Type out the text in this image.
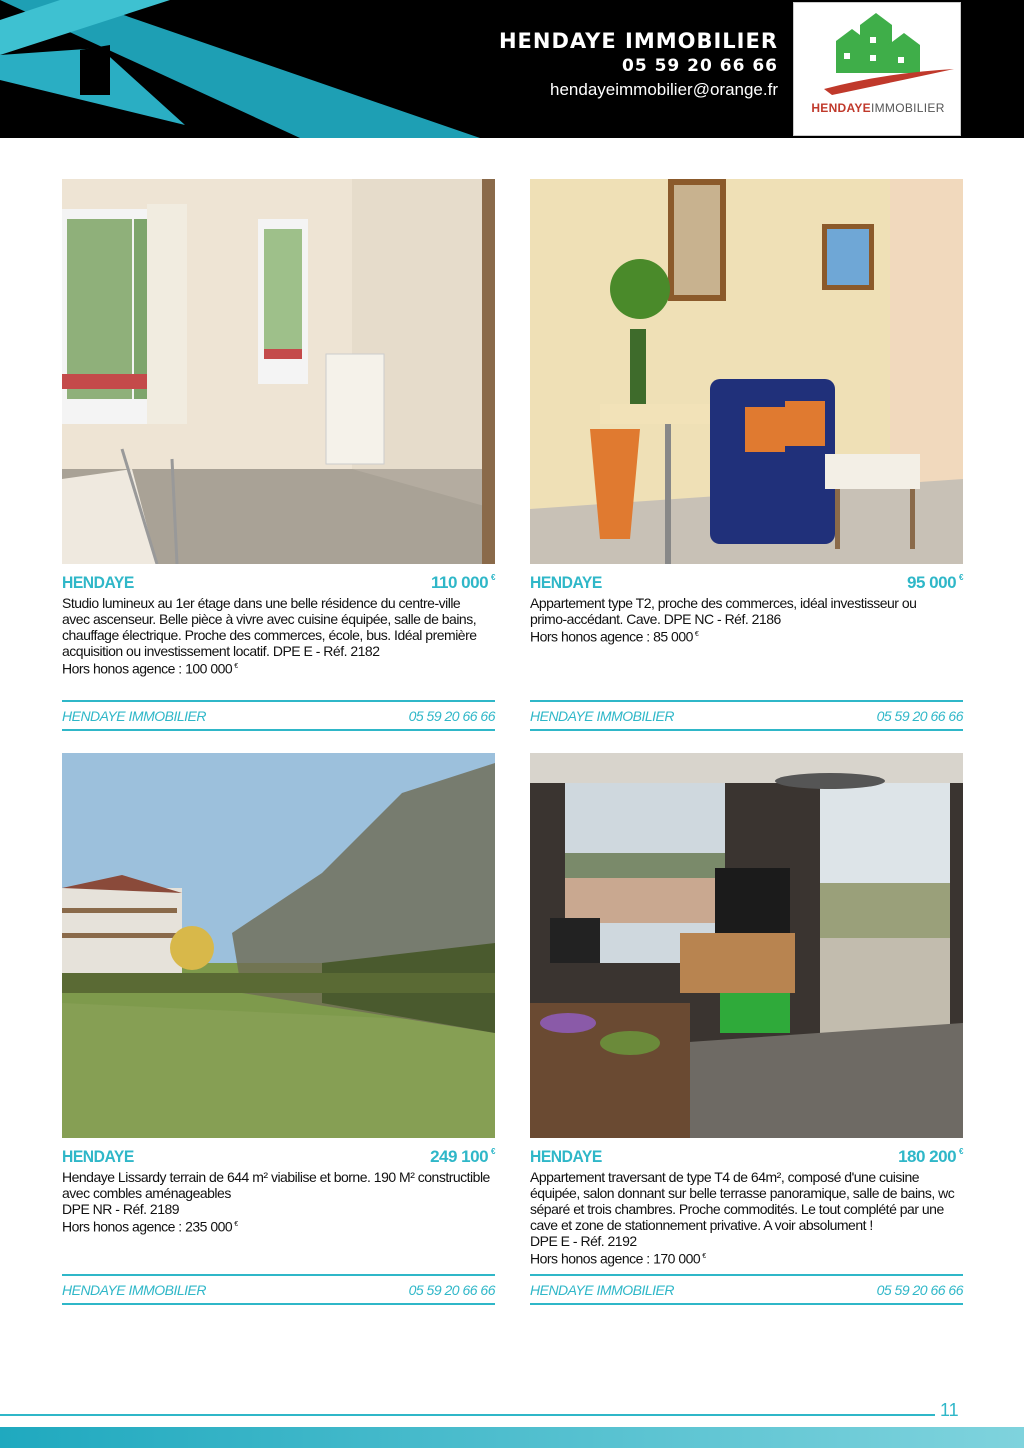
HENDAYE IMMOBILIER
05 59 20 66 66
hendayeimmobilier@orange.fr
HENDAYEIMMOBILIER
HENDAYE	110 000 €
Studio lumineux au 1er étage dans une belle résidence du centre-ville
avec ascenseur. Belle pièce à vivre avec cuisine équipée, salle de bains,
chauffage électrique. Proche des commerces, école, bus. Idéal première
acquisition ou investissement locatif. DPE E - Réf. 2182
Hors honos agence : 100 000 €
HENDAYE IMMOBILIER	05 59 20 66 66
HENDAYE	95 000 €
Appartement type T2, proche des commerces, idéal investisseur ou
primo-accédant. Cave. DPE NC - Réf. 2186
Hors honos agence : 85 000 €
HENDAYE IMMOBILIER	05 59 20 66 66
HENDAYE	249 100 €
Hendaye Lissardy terrain de 644 m² viabilise et borne. 190 M² constructible
avec combles aménageables
DPE NR - Réf. 2189
Hors honos agence : 235 000 €
HENDAYE IMMOBILIER	05 59 20 66 66
HENDAYE	180 200 €
Appartement traversant de type T4 de 64m², composé d'une cuisine
équipée, salon donnant sur belle terrasse panoramique, salle de bains, wc
séparé et trois chambres. Proche commodités. Le tout complété par une
cave et zone de stationnement privative. A voir absolument !
DPE E - Réf. 2192
Hors honos agence : 170 000 €
HENDAYE IMMOBILIER	05 59 20 66 66
11
